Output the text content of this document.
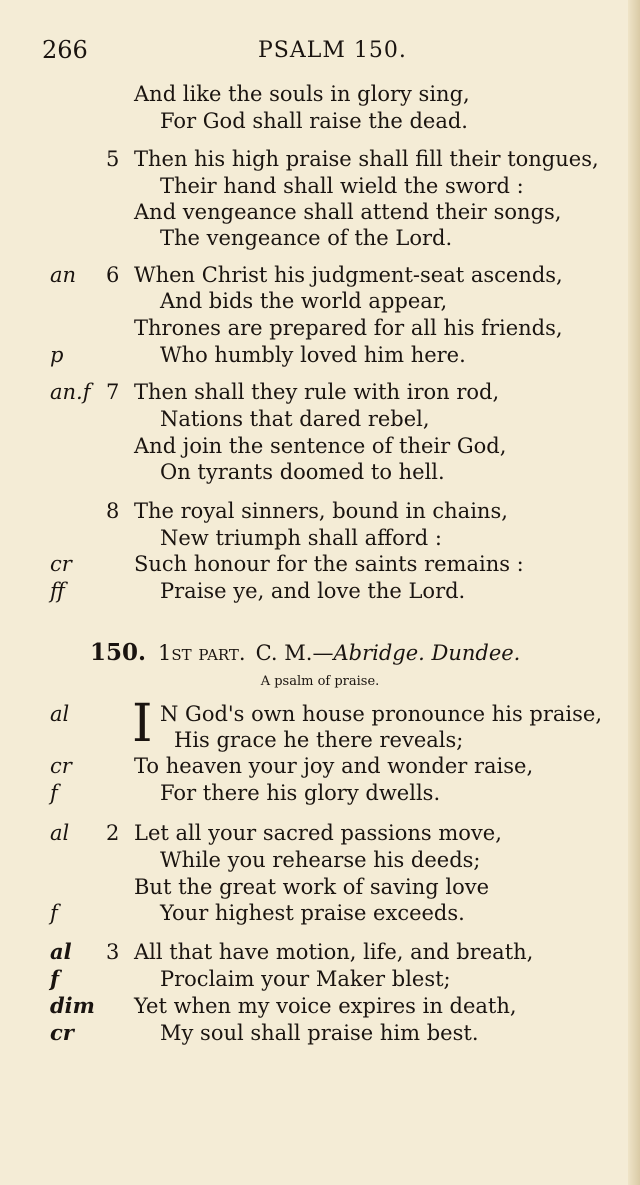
266	PSALM 150.
And like the souls in glory sing,
For God shall raise the dead.
5 Then his high praise shall fill their tongues,
Their hand shall wield the sword :
And vengeance shall attend their songs,
The vengeance of the Lord.
an 6 When Christ his judgment-seat ascends,
And bids the world appear,
Thrones are prepared for all his friends,
p	Who humbly loved him here.
an.f 7 Then shall they rule with iron rod,
Nations that dared rebel,
And join the sentence of their God,
On tyrants doomed to hell.
8 The royal sinners, bound in chains,
New triumph shall afford :
cr	Such honour for the saints remains :
ff	Praise ye, and love the Lord.
150. 1st part. C. M.—Abridge. Dundee.
A psalm of praise.
I
al	N God's own house pronounce his praise,
His grace he there reveals;
cr	To heaven your joy and wonder raise,
f	For there his glory dwells.
al 2 Let all your sacred passions move,
While you rehearse his deeds;
But the great work of saving love
f	Your highest praise exceeds.
al 3 All that have motion, life, and breath,
f	Proclaim your Maker blest;
dim Yet when my voice expires in death,
cr	My soul shall praise him best.
